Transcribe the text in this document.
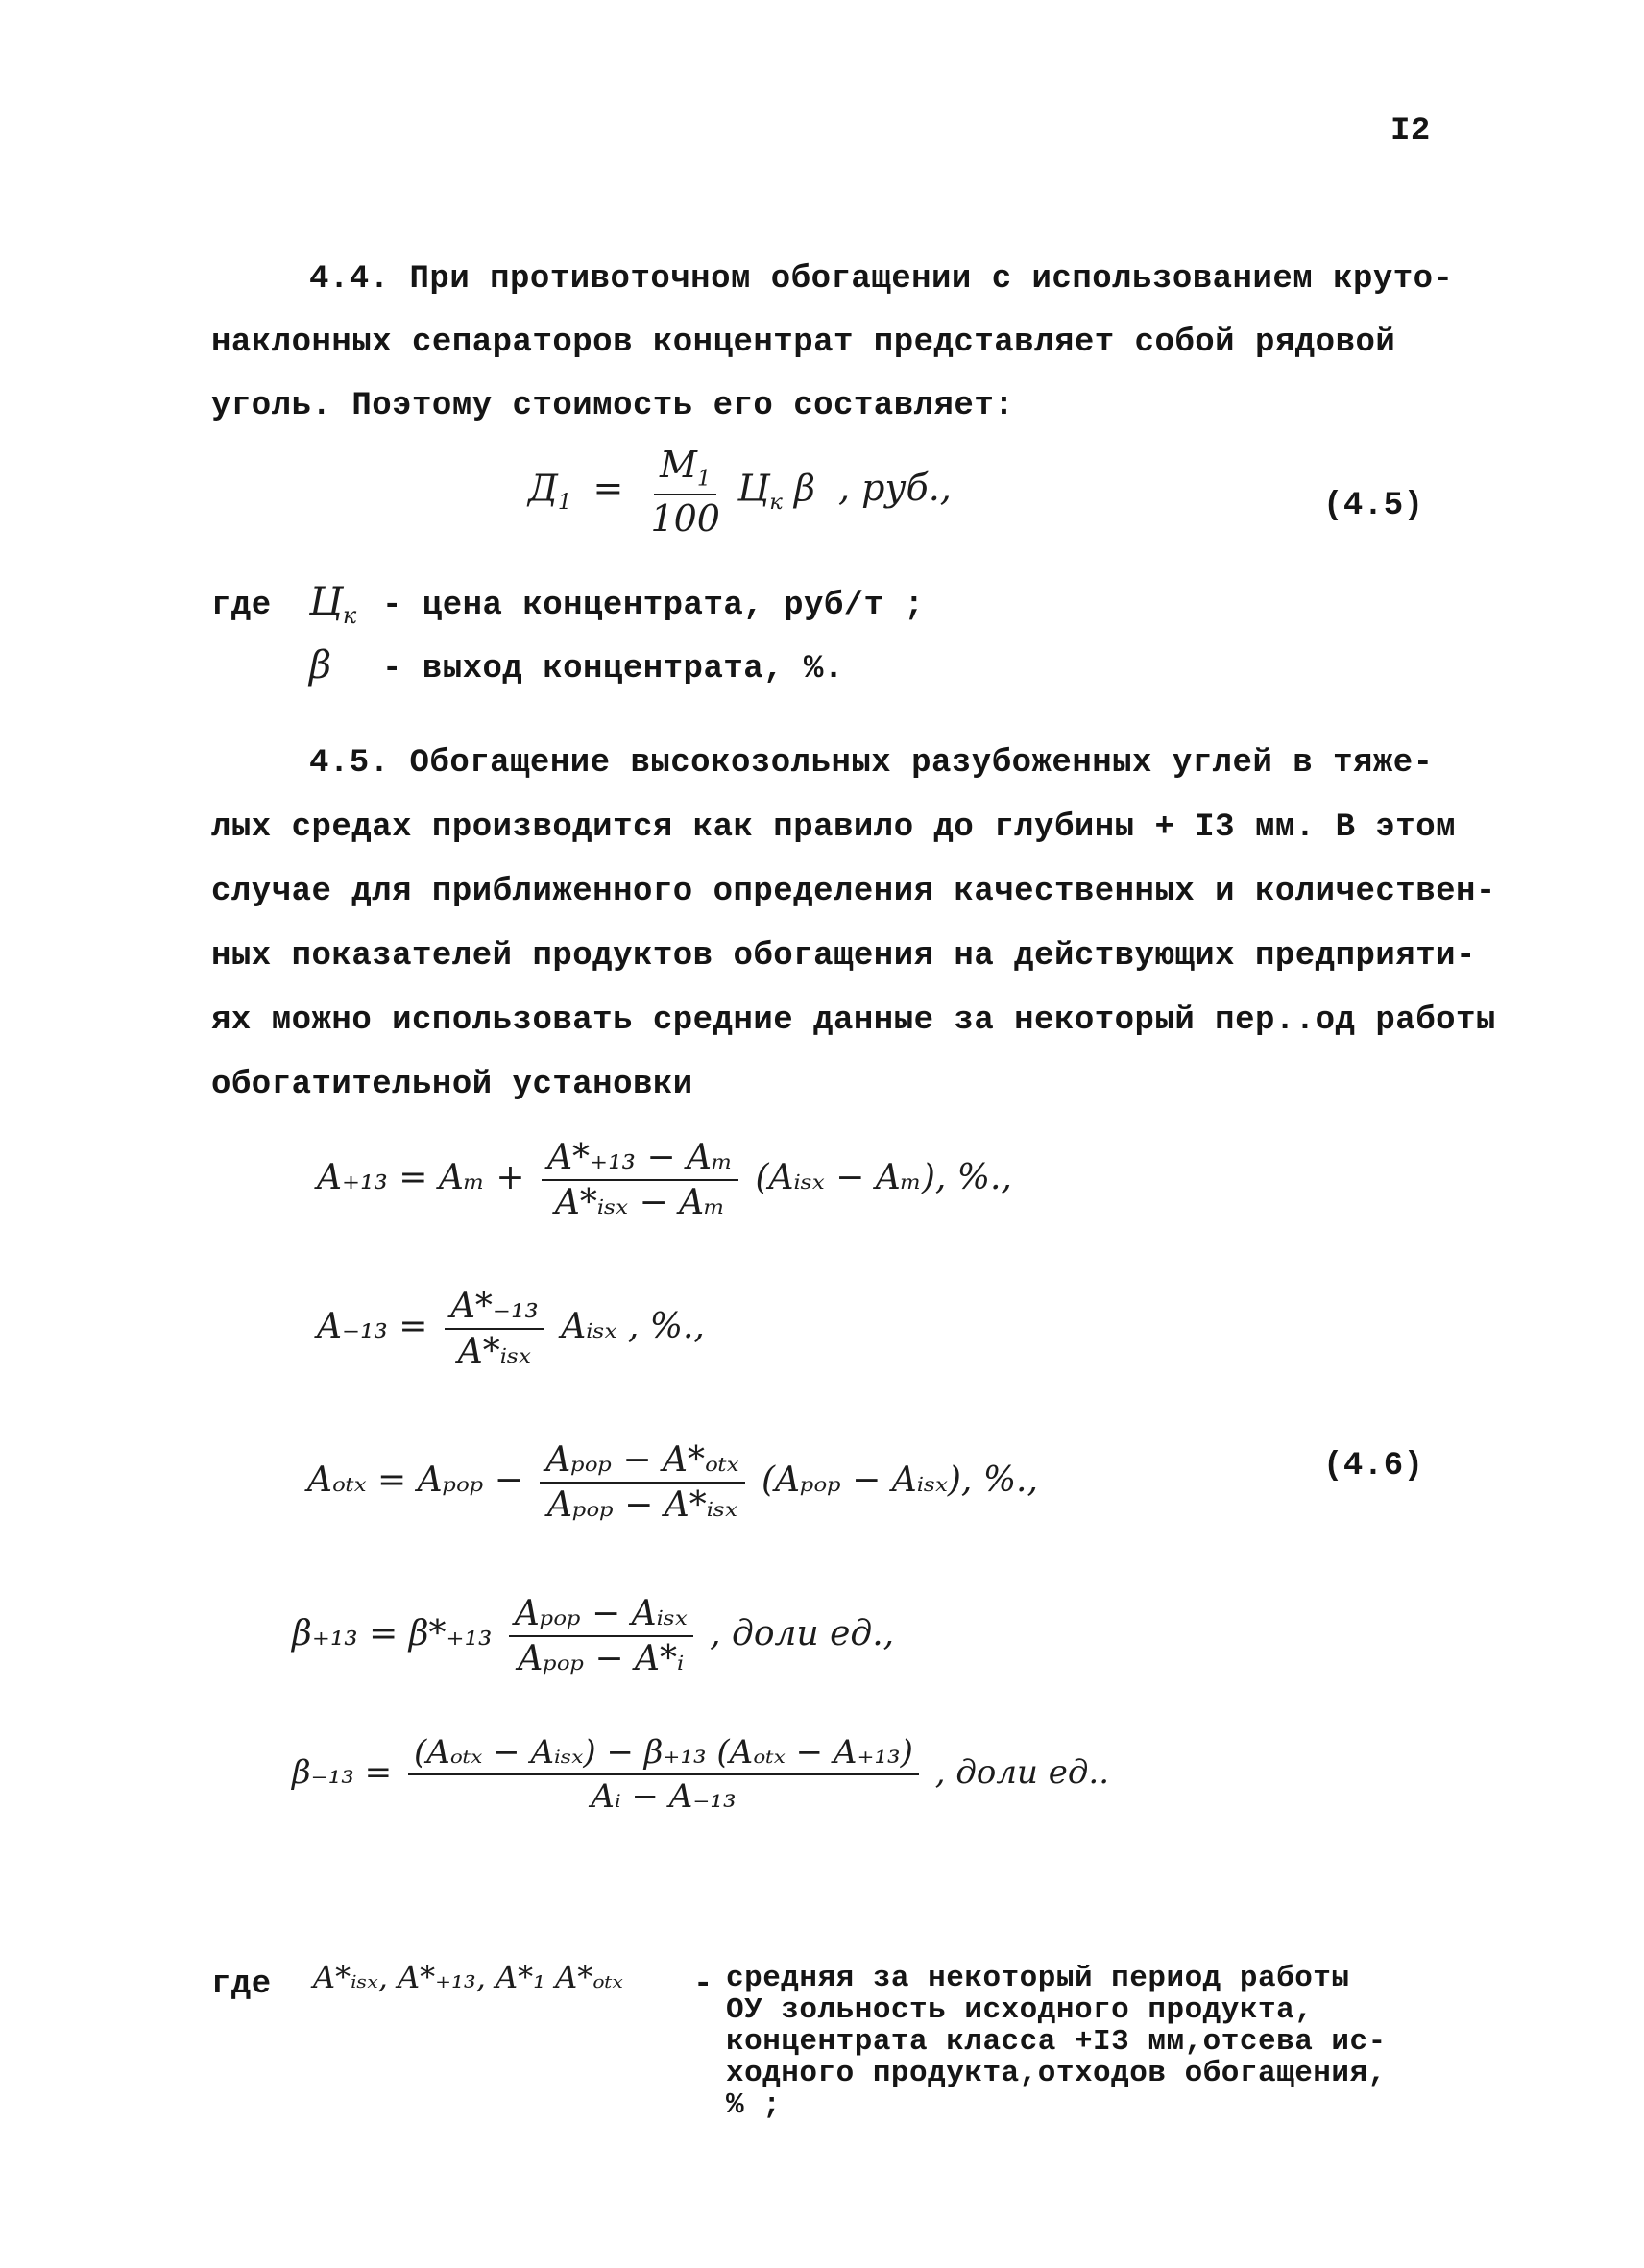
I2
4.4. При противоточном обогащении с использованием круто-
наклонных сепараторов концентрат представляет собой рядовой
уголь. Поэтому стоимость его составляет:
$Д_1 = \frac{М_1}{100} Ц_к$ β , руб.,	(4.5)
где $Ц_к$ - цена концентрата, руб/т ;
β - выход концентрата, %.
4.5. Обогащение высокозольных разубоженных углей в тяже-
лых средах производится как правило до глубины + I3 мм. В этом
случае для приближенного определения качественных и количествен-
ных показателей продуктов обогащения на действующих предприяти-
ях можно использовать средние данные за некоторый пер..од работы
обогатительной установки
$A_{+13} = A_m + \frac{\text{A*₊₁₃ − Aₘ}}{\text{A*ᵢₛₓ − Aₘ}}$ (Aᵢₛₓ − Aₘ), %.,
$A_{-13} = \frac{\text{A*₋₁₃}}{\text{A*ᵢₛₓ}}$ Aᵢₛₓ , %.,
$A_{otx} = A_{pop} - \frac{\text{Aₚₒₚ − A*ₒₜₓ}}{\text{Aₚₒₚ − A*ᵢₛₓ}} (A_{pop}$ − Aᵢₛₓ), %.,	(4.6)
$\beta_{+13} = \beta*_{+13} \frac{\text{Aₚₒₚ − Aᵢₛₓ}}{\text{Aₚₒₚ − A*ᵢ}}$ , доли ед.,
$\beta_{-13} = \frac{\text{(Aₒₜₓ − Aᵢₛₓ) − β₊₁₃ (Aₒₜₓ − A₊₁₃)}}{\text{Aᵢ − A₋₁₃}}$ , доли ед..
где A*ᵢₛₓ, A*₊₁₃, A*₁ A*ₒₜₓ - средняя за некоторый период работы
ОУ зольность исходного продукта,
концентрата класса +I3 мм,отсева ис-
ходного продукта,отходов обогащения,
% ;
